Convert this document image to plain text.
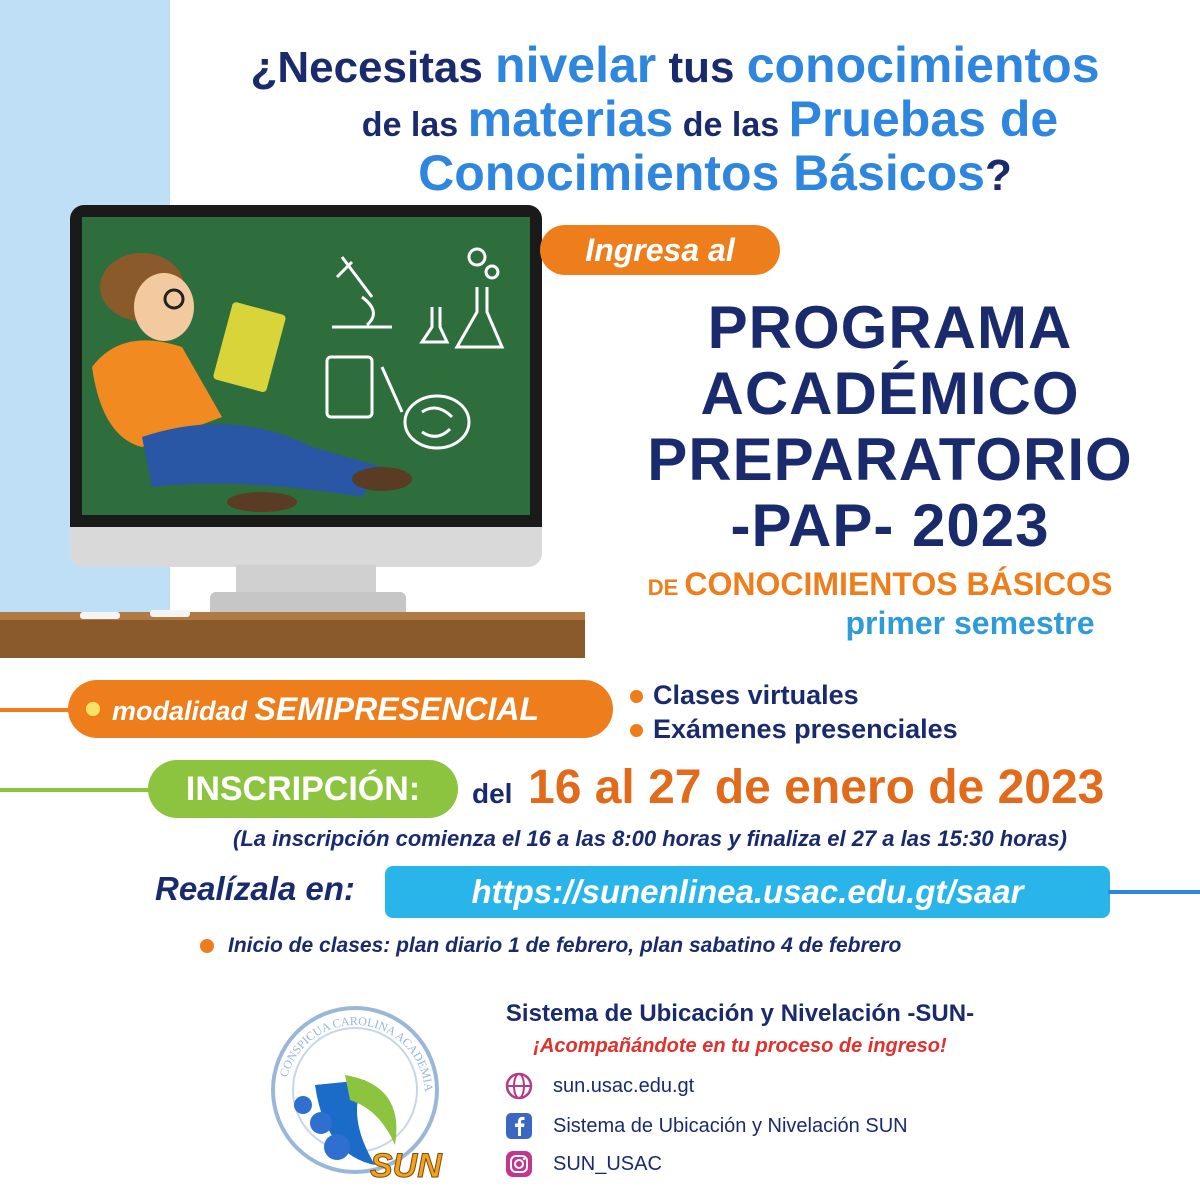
¿Necesitas nivelar tus conocimientos
de las materias de las Pruebas de
Conocimientos Básicos?
Ingresa al
PROGRAMA
ACADÉMICO
PREPARATORIO
-PAP- 2023
DE CONOCIMIENTOS BÁSICOS
primer semestre
modalidad SEMIPRESENCIAL	Clases virtuales
Exámenes presenciales
INSCRIPCIÓN:	del 16 al 27 de enero de 2023
(La inscripción comienza el 16 a las 8:00 horas y finaliza el 27 a las 15:30 horas)
Realízala en:	https://sunenlinea.usac.edu.gt/saar
Inicio de clases: plan diario 1 de febrero, plan sabatino 4 de febrero
CONSPICUA CAROLINA ACADEMIA
SUN
Sistema de Ubicación y Nivelación -SUN-
¡Acompañándote en tu proceso de ingreso!
sun.usac.edu.gt
Sistema de Ubicación y Nivelación SUN
SUN_USAC
